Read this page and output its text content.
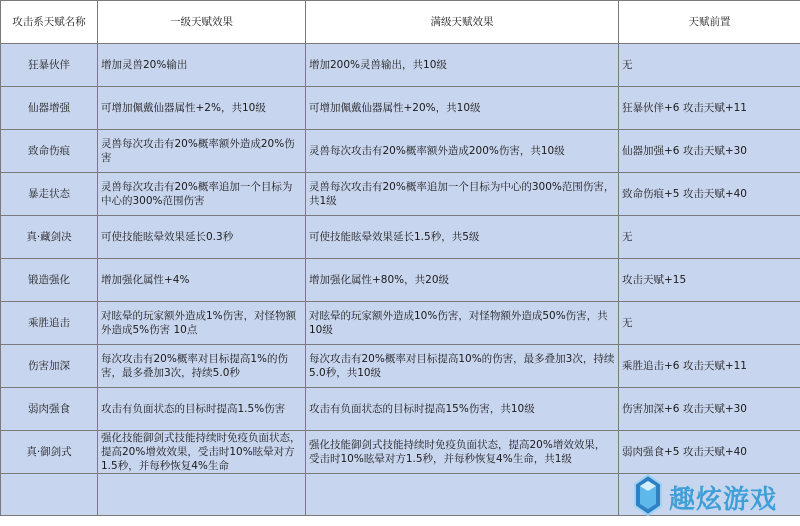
攻击系天赋名称	一级天赋效果	满级天赋效果	天赋前置
狂暴伙伴	增加灵兽20%输出	增加200%灵兽输出，共10级	无
仙器增强	可增加佩戴仙器属性+2%，共10级	可增加佩戴仙器属性+20%，共10级	狂暴伙伴+6 攻击天赋+11
致命伤痕	灵兽每次攻击有20%概率额外造成20%伤害	灵兽每次攻击有20%概率额外造成200%伤害，共10级	仙器加强+6 攻击天赋+30
暴走状态	灵兽每次攻击有20%概率追加一个目标为中心的300%范围伤害	灵兽每次攻击有20%概率追加一个目标为中心的300%范围伤害，共1级	致命伤痕+5 攻击天赋+40
真·藏剑决	可使技能眩晕效果延长0.3秒	可使技能眩晕效果延长1.5秒，共5级	无
锻造强化	增加强化属性+4%	增加强化属性+80%，共20级	攻击天赋+15
乘胜追击	对眩晕的玩家额外造成1%伤害，对怪物额外造成5%伤害 10点	对眩晕的玩家额外造成10%伤害，对怪物额外造成50%伤害，共10级	无
伤害加深	每次攻击有20%概率对目标提高1%的伤害，最多叠加3次，持续5.0秒	每次攻击有20%概率对目标提高10%的伤害，最多叠加3次，持续5.0秒，共10级	乘胜追击+6 攻击天赋+11
弱肉强食	攻击有负面状态的目标时提高1.5%伤害	攻击有负面状态的目标时提高15%伤害，共10级	伤害加深+6 攻击天赋+30
真·御剑式	强化技能御剑式技能持续时免疫负面状态，提高20%增效效果，受击时10%眩晕对方1.5秒，并每秒恢复4%生命	强化技能御剑式技能持续时免疫负面状态，提高20%增效效果，受击时10%眩晕对方1.5秒，并每秒恢复4%生命，共1级	弱肉强食+5 攻击天赋+40

趣炫游戏
